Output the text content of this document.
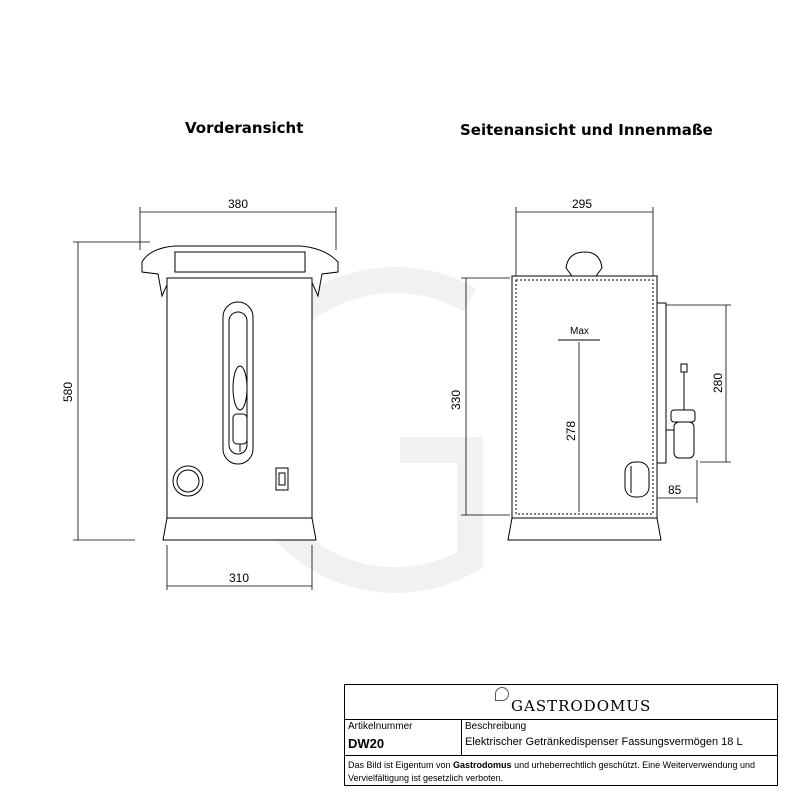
Vorderansicht	Seitenansicht und Innenmaße
380
580
310
295
330
278
280
85
Max
GASTRODOMUS
Artikelnummer
DW20
Beschreibung
Elektrischer Getränkedispenser Fassungsvermögen 18 L
Das Bild ist Eigentum von Gastrodomus und urheberrechtlich geschützt. Eine Weiterverwendung und Vervielfältigung ist gesetzlich verboten.
